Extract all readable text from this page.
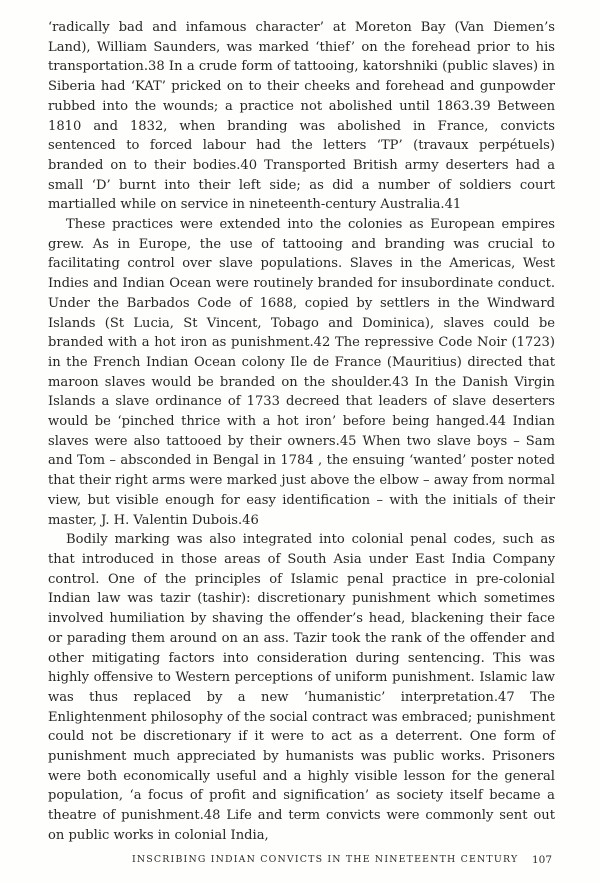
‘radically bad and infamous character’ at Moreton Bay (Van Diemen’s Land), William Saunders, was marked ‘thief’ on the forehead prior to his transportation.38 In a crude form of tattooing, katorshniki (public slaves) in Siberia had ‘KAT’ pricked on to their cheeks and forehead and gunpowder rubbed into the wounds; a practice not abolished until 1863.39 Between 1810 and 1832, when branding was abolished in France, convicts sentenced to forced labour had the letters ‘TP’ (travaux perpétuels) branded on to their bodies.40 Transported British army deserters had a small ‘D’ burnt into their left side; as did a number of soldiers court martialled while on service in nineteenth-century Australia.41

These practices were extended into the colonies as European empires grew. As in Europe, the use of tattooing and branding was crucial to facilitating control over slave populations. Slaves in the Americas, West Indies and Indian Ocean were routinely branded for insubordinate conduct. Under the Barbados Code of 1688, copied by settlers in the Windward Islands (St Lucia, St Vincent, Tobago and Dominica), slaves could be branded with a hot iron as punishment.42 The repressive Code Noir (1723) in the French Indian Ocean colony Ile de France (Mauritius) directed that maroon slaves would be branded on the shoulder.43 In the Danish Virgin Islands a slave ordinance of 1733 decreed that leaders of slave deserters would be ‘pinched thrice with a hot iron’ before being hanged.44 Indian slaves were also tattooed by their owners.45 When two slave boys – Sam and Tom – absconded in Bengal in 1784 , the ensuing ‘wanted’ poster noted that their right arms were marked just above the elbow – away from normal view, but visible enough for easy identification – with the initials of their master, J. H. Valentin Dubois.46

Bodily marking was also integrated into colonial penal codes, such as that introduced in those areas of South Asia under East India Company control. One of the principles of Islamic penal practice in pre-colonial Indian law was tazir (tashir): discretionary punishment which sometimes involved humiliation by shaving the offender’s head, blackening their face or parading them around on an ass. Tazir took the rank of the offender and other mitigating factors into consideration during sentencing. This was highly offensive to Western perceptions of uniform punishment. Islamic law was thus replaced by a new ‘humanistic’ interpretation.47 The Enlightenment philosophy of the social contract was embraced; punishment could not be discretionary if it were to act as a deterrent. One form of punishment much appreciated by humanists was public works. Prisoners were both economically useful and a highly visible lesson for the general population, ‘a focus of profit and signification’ as society itself became a theatre of punishment.48 Life and term convicts were commonly sent out on public works in colonial India,

INSCRIBING INDIAN CONVICTS IN THE NINETEENTH CENTURY 107
